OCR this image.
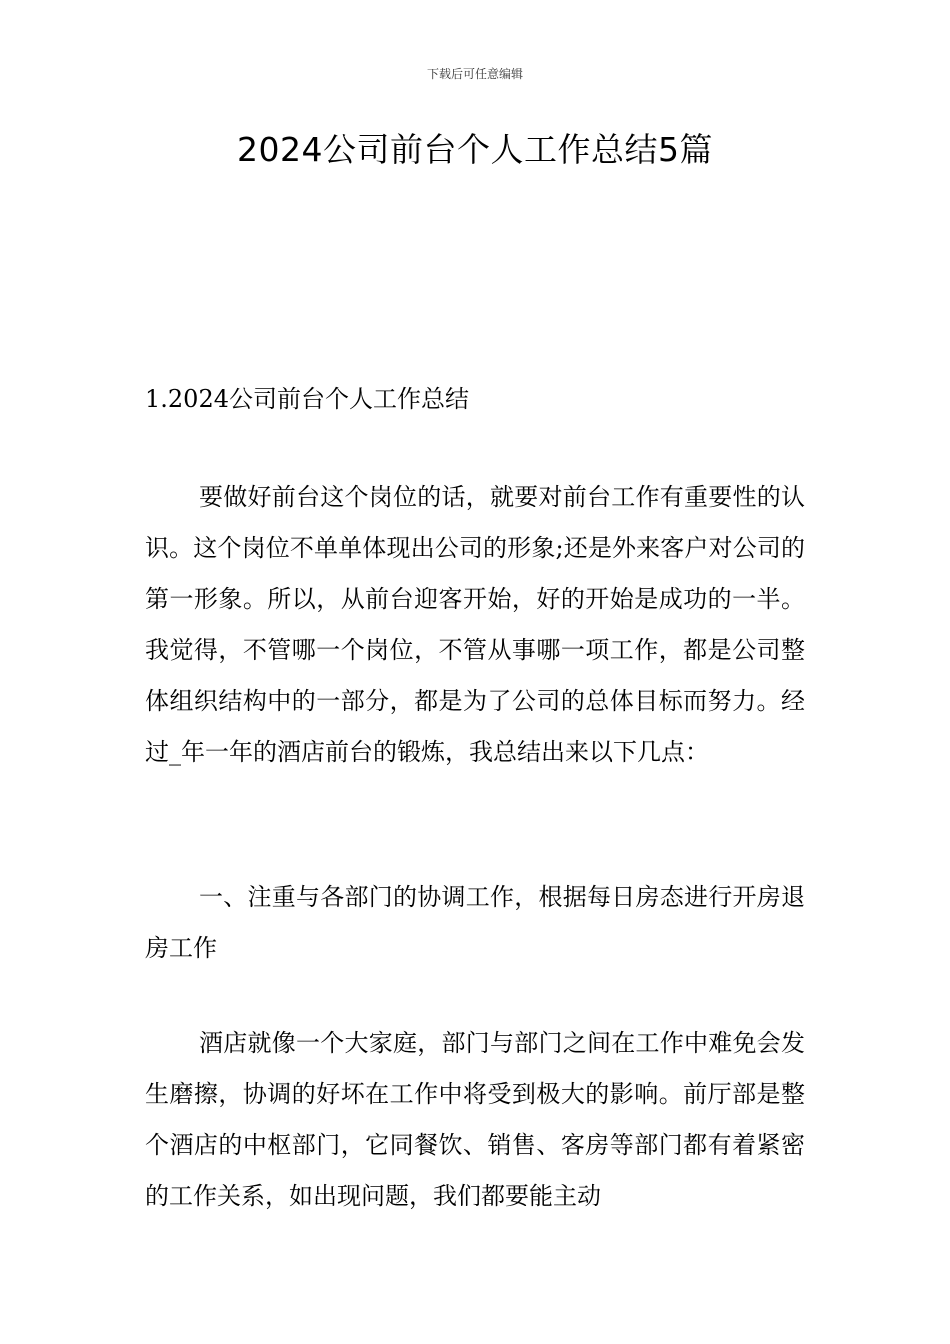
下载后可任意编辑
2024公司前台个人工作总结5篇
1.2024公司前台个人工作总结
要做好前台这个岗位的话，就要对前台工作有重要性的认识。这个岗位不单单体现出公司的形象;还是外来客户对公司的第一形象。所以，从前台迎客开始，好的开始是成功的一半。我觉得，不管哪一个岗位，不管从事哪一项工作，都是公司整体组织结构中的一部分，都是为了公司的总体目标而努力。经过_年一年的酒店前台的锻炼，我总结出来以下几点：
一、注重与各部门的协调工作，根据每日房态进行开房退房工作
酒店就像一个大家庭，部门与部门之间在工作中难免会发生磨擦，协调的好坏在工作中将受到极大的影响。前厅部是整个酒店的中枢部门，它同餐饮、销售、客房等部门都有着紧密的工作关系，如出现问题，我们都要能主动
